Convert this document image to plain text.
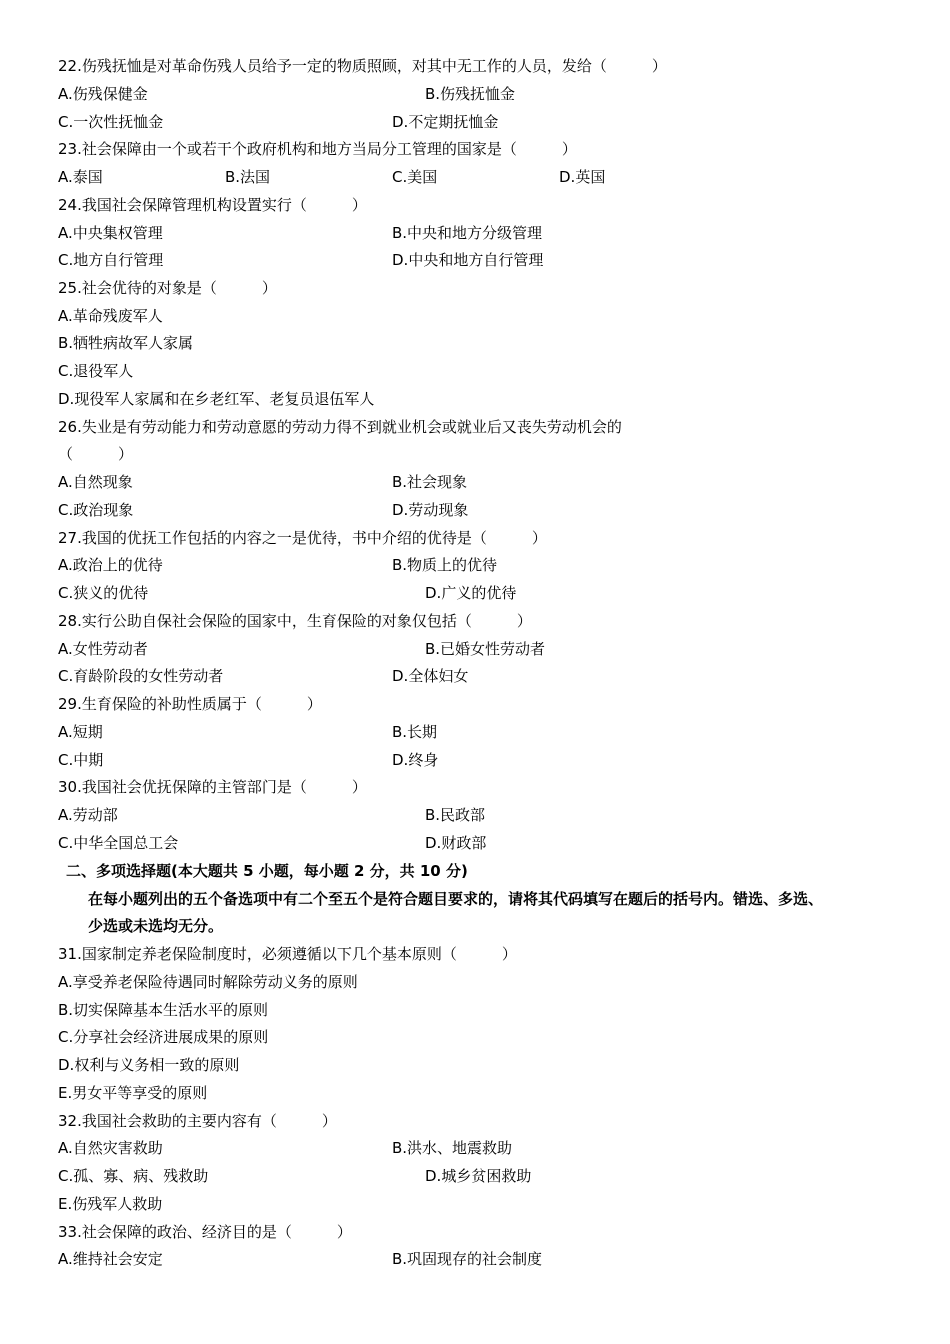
22.伤残抚恤是对革命伤残人员给予一定的物质照顾，对其中无工作的人员，发给（　　　）
A.伤残保健金	B.伤残抚恤金
C.一次性抚恤金	D.不定期抚恤金
23.社会保障由一个或若干个政府机构和地方当局分工管理的国家是（　　　）
A.泰国	B.法国	C.美国	D.英国
24.我国社会保障管理机构设置实行（　　　）
A.中央集权管理	B.中央和地方分级管理
C.地方自行管理	D.中央和地方自行管理
25.社会优待的对象是（　　　）
A.革命残废军人
B.牺牲病故军人家属
C.退役军人
D.现役军人家属和在乡老红军、老复员退伍军人
26.失业是有劳动能力和劳动意愿的劳动力得不到就业机会或就业后又丧失劳动机会的
（　　　）
A.自然现象	B.社会现象
C.政治现象	D.劳动现象
27.我国的优抚工作包括的内容之一是优待，书中介绍的优待是（　　　）
A.政治上的优待	B.物质上的优待
C.狭义的优待	D.广义的优待
28.实行公助自保社会保险的国家中，生育保险的对象仅包括（　　　）
A.女性劳动者	B.已婚女性劳动者
C.育龄阶段的女性劳动者	D.全体妇女
29.生育保险的补助性质属于（　　　）
A.短期	B.长期
C.中期	D.终身
30.我国社会优抚保障的主管部门是（　　　）
A.劳动部	B.民政部
C.中华全国总工会	D.财政部
二、多项选择题(本大题共 5 小题，每小题 2 分，共 10 分)
在每小题列出的五个备选项中有二个至五个是符合题目要求的，请将其代码填写在题后的括号内。错选、多选、
少选或未选均无分。
31.国家制定养老保险制度时，必须遵循以下几个基本原则（　　　）
A.享受养老保险待遇同时解除劳动义务的原则
B.切实保障基本生活水平的原则
C.分享社会经济进展成果的原则
D.权利与义务相一致的原则
E.男女平等享受的原则
32.我国社会救助的主要内容有（　　　）
A.自然灾害救助	B.洪水、地震救助
C.孤、寡、病、残救助	D.城乡贫困救助
E.伤残军人救助
33.社会保障的政治、经济目的是（　　　）
A.维持社会安定	B.巩固现存的社会制度
